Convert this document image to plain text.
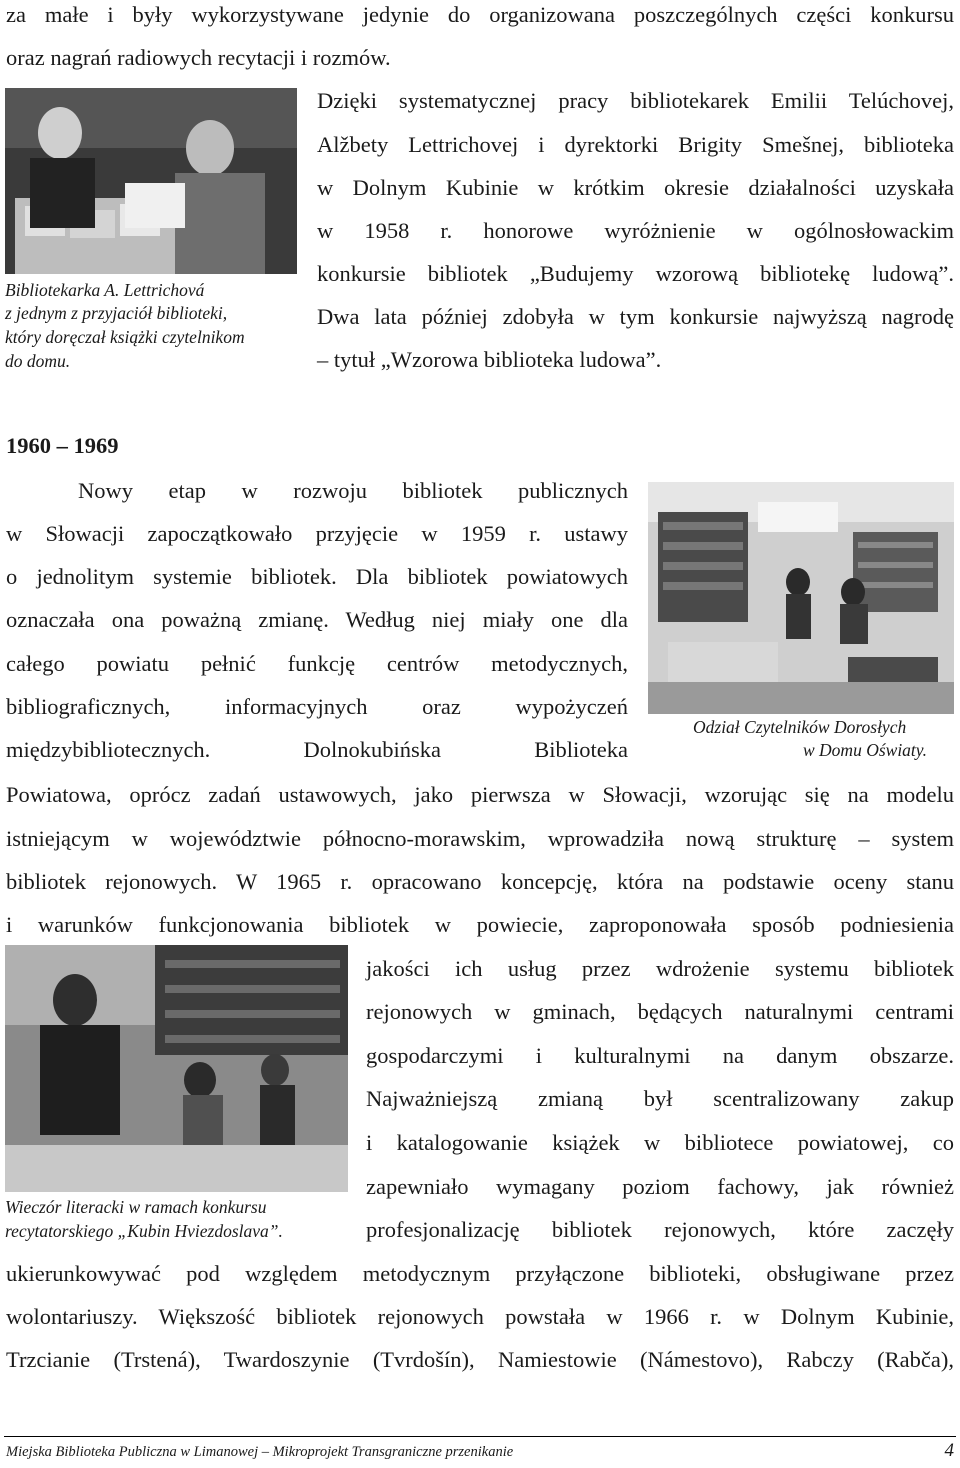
za małe i były wykorzystywane jedynie do organizowana poszczególnych części konkursu
oraz nagrań radiowych recytacji i rozmów.
Bibliotekarka A. Lettrichová
z jednym z przyjaciół biblioteki,
który doręczał książki czytelnikom
do domu.
Dzięki systematycznej pracy bibliotekarek Emilii Telúchovej,
Alžbety Lettrichovej i dyrektorki Brigity Smešnej, biblioteka
w Dolnym Kubinie w krótkim okresie działalności uzyskała
w 1958 r. honorowe wyróżnienie w ogólnosłowackim
konkursie bibliotek „Budujemy wzorową bibliotekę ludową”.
Dwa lata później zdobyła w tym konkursie najwyższą nagrodę
– tytuł „Wzorowa biblioteka ludowa”.
1960 – 1969
Nowy etap w rozwoju bibliotek publicznych
w Słowacji zapoczątkowało przyjęcie w 1959 r. ustawy
o jednolitym systemie bibliotek. Dla bibliotek powiatowych
oznaczała ona poważną zmianę. Według niej miały one dla
całego powiatu pełnić funkcję centrów metodycznych,
bibliograficznych, informacyjnych oraz wypożyczeń
międzybibliotecznych. Dolnokubińska Biblioteka
Odział Czytelników Dorosłych
w Domu Oświaty.
Powiatowa, oprócz zadań ustawowych, jako pierwsza w Słowacji, wzorując się na modelu
istniejącym w województwie północno-morawskim, wprowadziła nową strukturę – system
bibliotek rejonowych. W 1965 r. opracowano koncepcję, która na podstawie oceny stanu
i warunków funkcjonowania bibliotek w powiecie, zaproponowała sposób podniesienia
Wieczór literacki w ramach konkursu
recytatorskiego „Kubin Hviezdoslava”.
jakości ich usług przez wdrożenie systemu bibliotek
rejonowych w gminach, będących naturalnymi centrami
gospodarczymi i kulturalnymi na danym obszarze.
Najważniejszą zmianą był scentralizowany zakup
i katalogowanie książek w bibliotece powiatowej, co
zapewniało wymagany poziom fachowy, jak również
profesjonalizację bibliotek rejonowych, które zaczęły
ukierunkowywać pod względem metodycznym przyłączone biblioteki, obsługiwane przez
wolontariuszy. Większość bibliotek rejonowych powstała w 1966 r. w Dolnym Kubinie,
Trzcianie (Trstená), Twardoszynie (Tvrdošín), Namiestowie (Námestovo), Rabczy (Rabča),
Miejska Biblioteka Publiczna w Limanowej – Mikroprojekt Transgraniczne przenikanie	4
